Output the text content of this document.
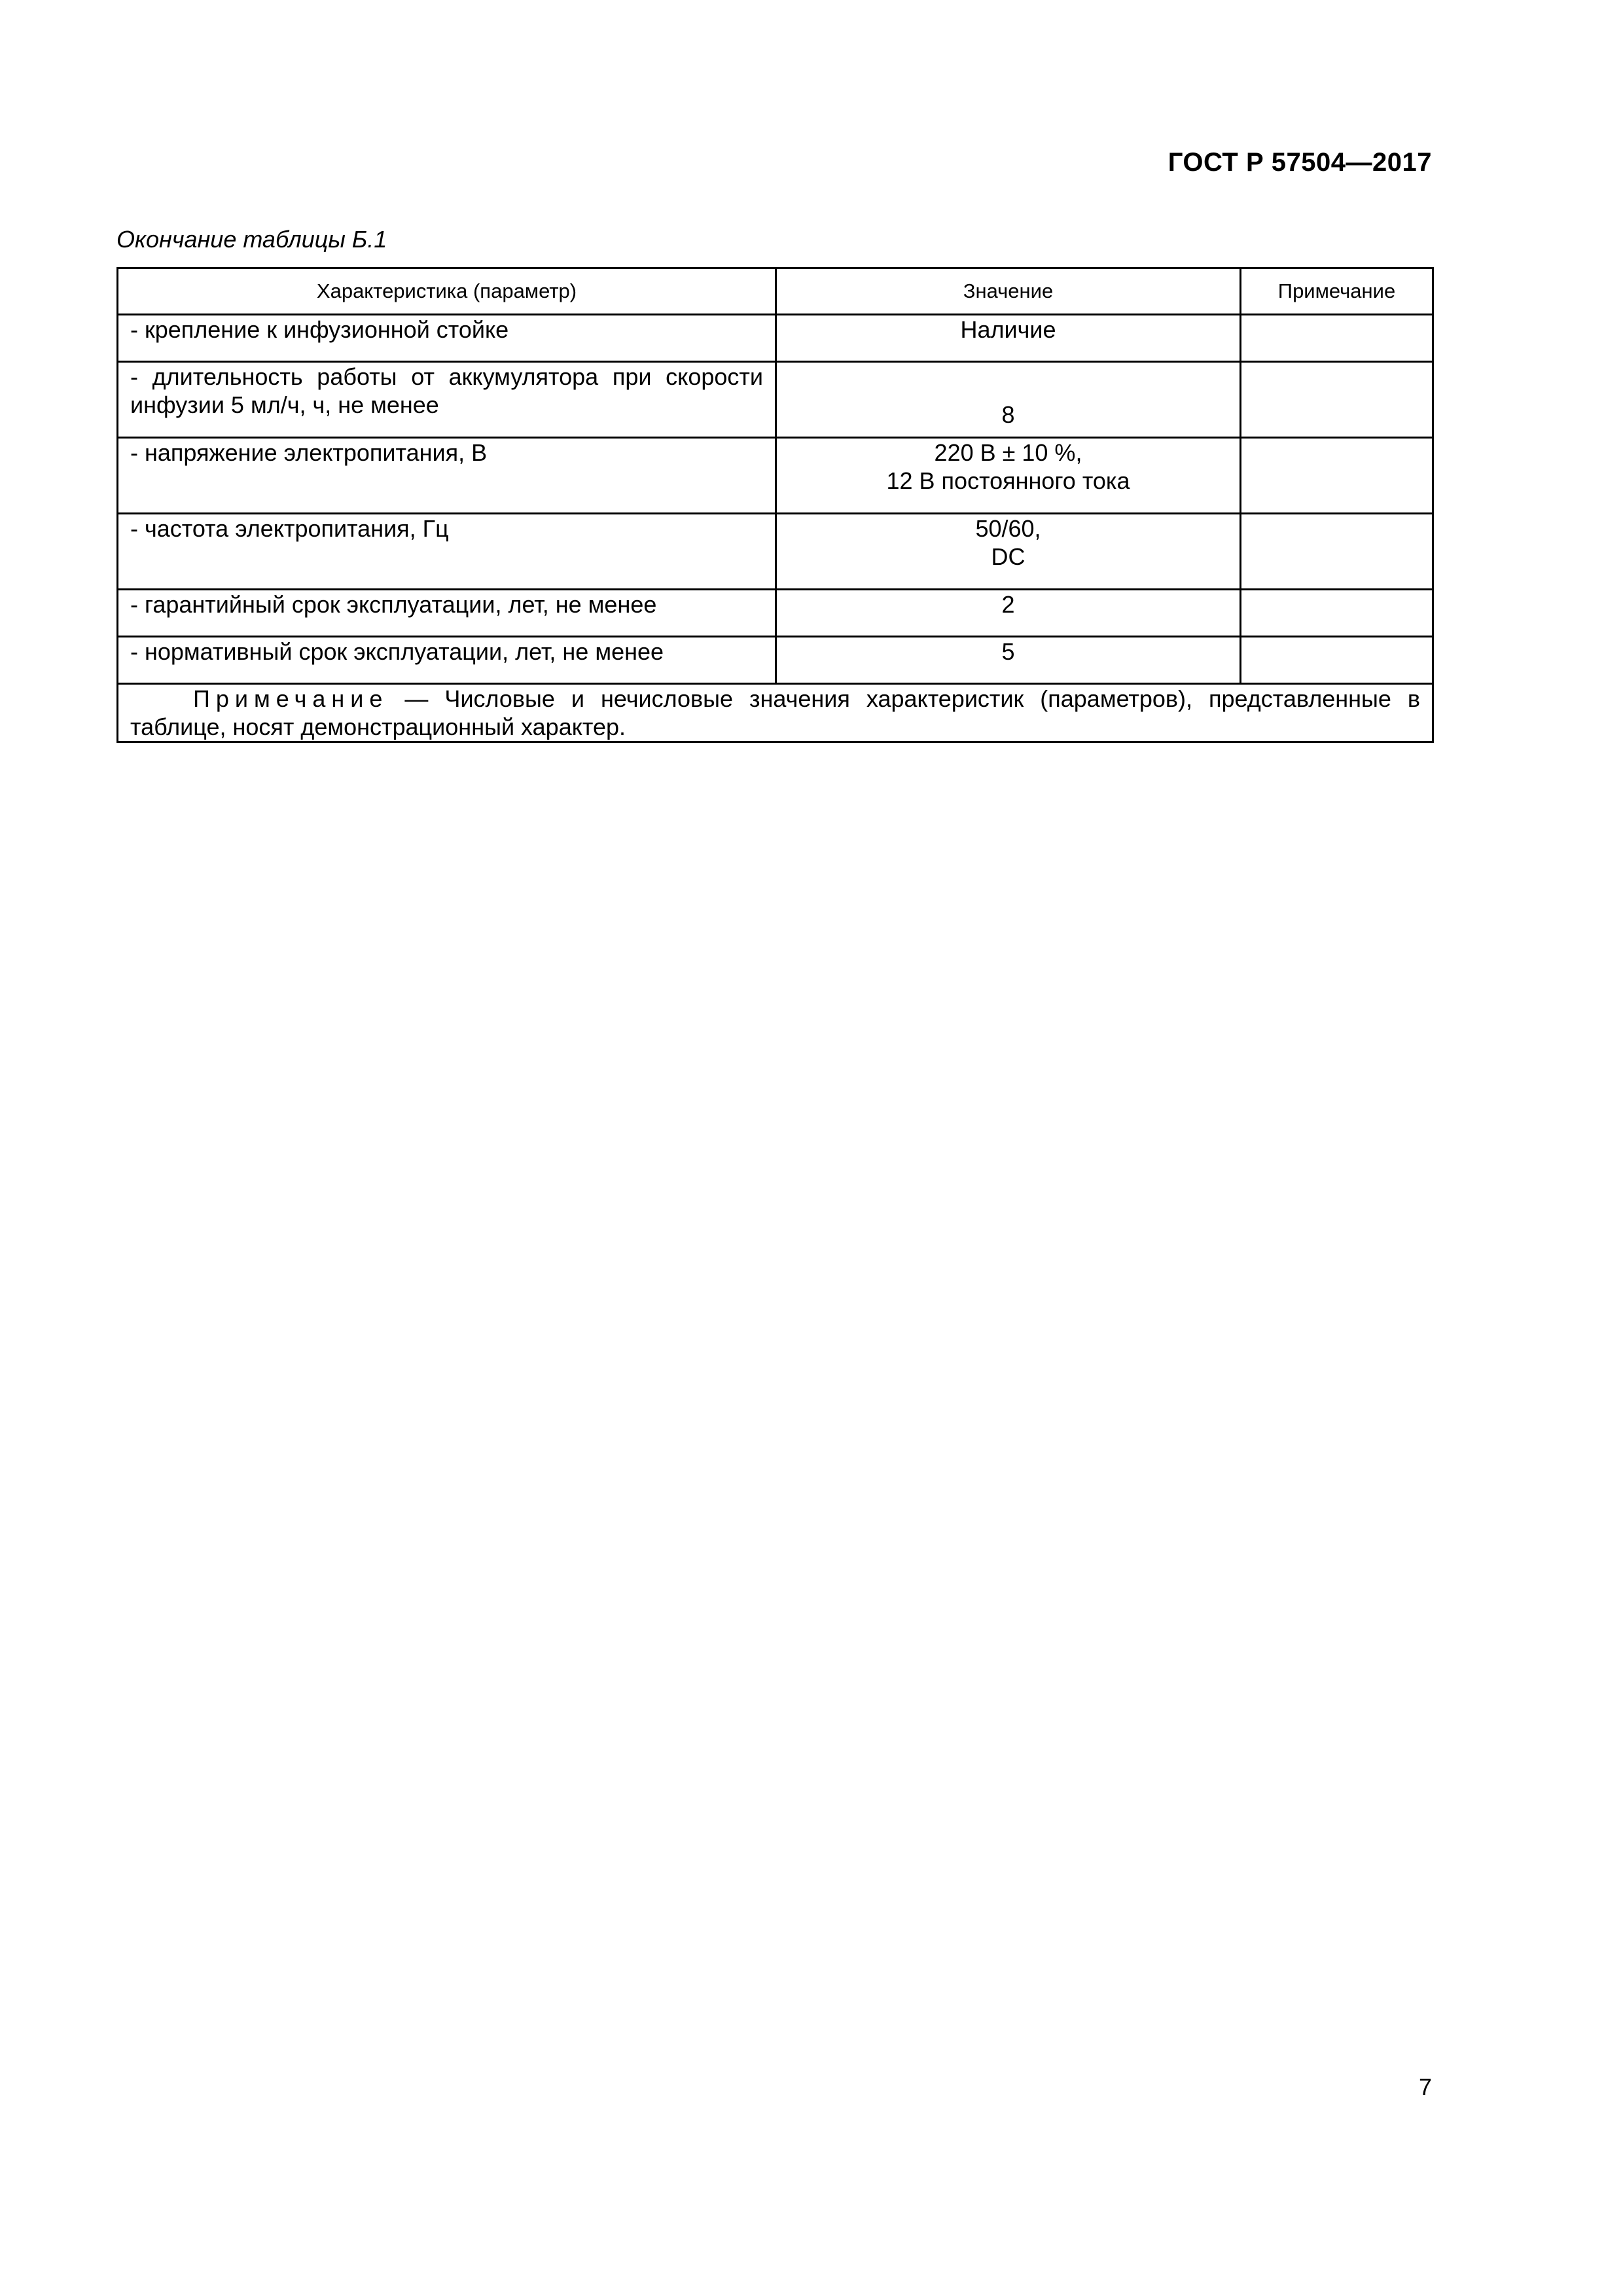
ГОСТ Р 57504—2017
Окончание таблицы Б.1
Характеристика (параметр)	Значение	Примечание
- крепление к инфузионной стойке	Наличие	
- длительность работы от аккумулятора при скорости инфузии 5 мл/ч, ч, не менее	8	
- напряжение электропитания, В	220 В ± 10 %,
12 В постоянного тока	

- частота электропитания, Гц	50/60,
DC	

- гарантийный срок эксплуатации, лет, не менее	2	
- нормативный срок эксплуатации, лет, не менее	5	
Примечание — Числовые и нечисловые значения характеристик (параметров), представленные в таблице, носят демонстрационный характер.		
7
